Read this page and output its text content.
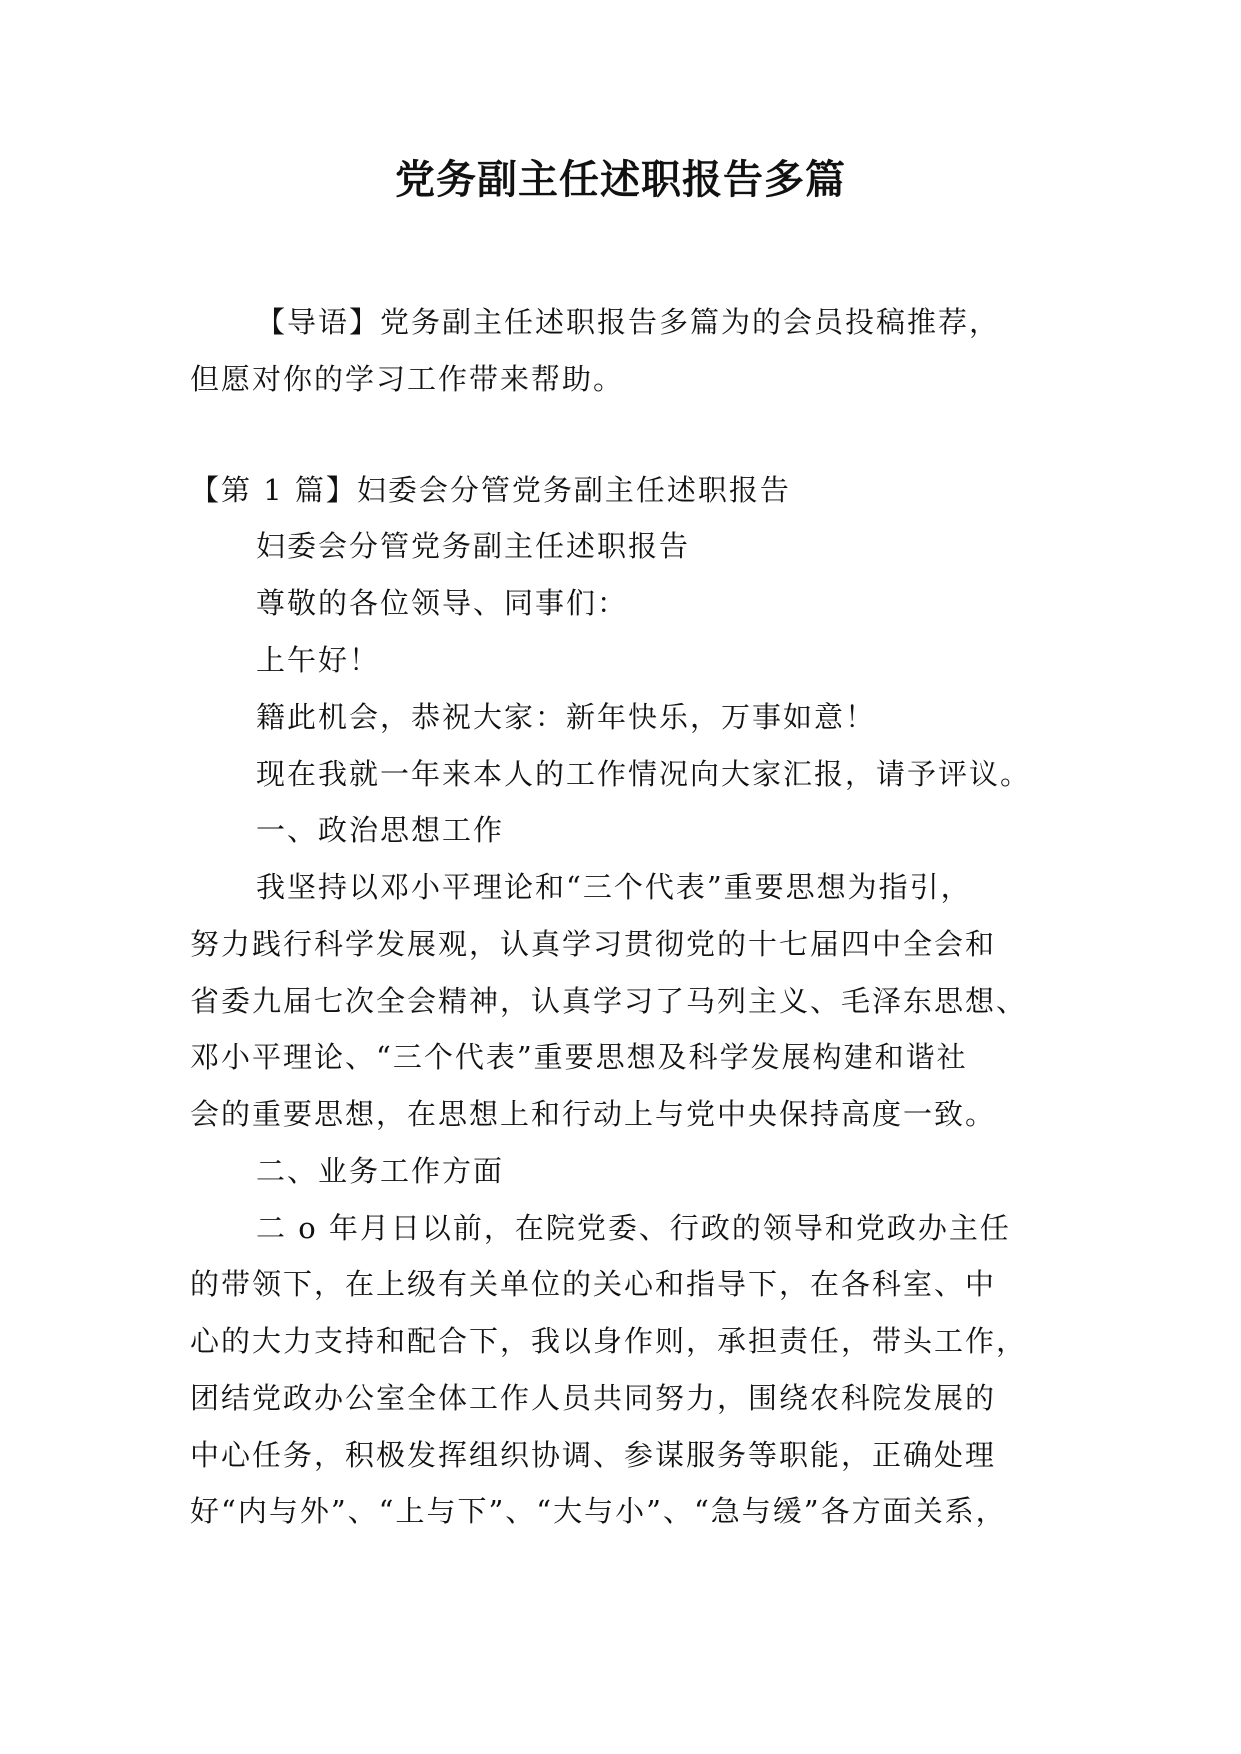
党务副主任述职报告多篇
【导语】党务副主任述职报告多篇为的会员投稿推荐，
但愿对你的学习工作带来帮助。
【第 1 篇】妇委会分管党务副主任述职报告
妇委会分管党务副主任述职报告
尊敬的各位领导、同事们：
上午好！
籍此机会，恭祝大家：新年快乐，万事如意！
现在我就一年来本人的工作情况向大家汇报，请予评议。
一、政治思想工作
我坚持以邓小平理论和“三个代表”重要思想为指引，
努力践行科学发展观，认真学习贯彻党的十七届四中全会和
省委九届七次全会精神，认真学习了马列主义、毛泽东思想、
邓小平理论、“三个代表”重要思想及科学发展构建和谐社
会的重要思想，在思想上和行动上与党中央保持高度一致。
二、业务工作方面
二 o 年月日以前，在院党委、行政的领导和党政办主任
的带领下，在上级有关单位的关心和指导下，在各科室、中
心的大力支持和配合下，我以身作则，承担责任，带头工作，
团结党政办公室全体工作人员共同努力，围绕农科院发展的
中心任务，积极发挥组织协调、参谋服务等职能，正确处理
好“内与外”、“上与下”、“大与小”、“急与缓”各方面关系，
